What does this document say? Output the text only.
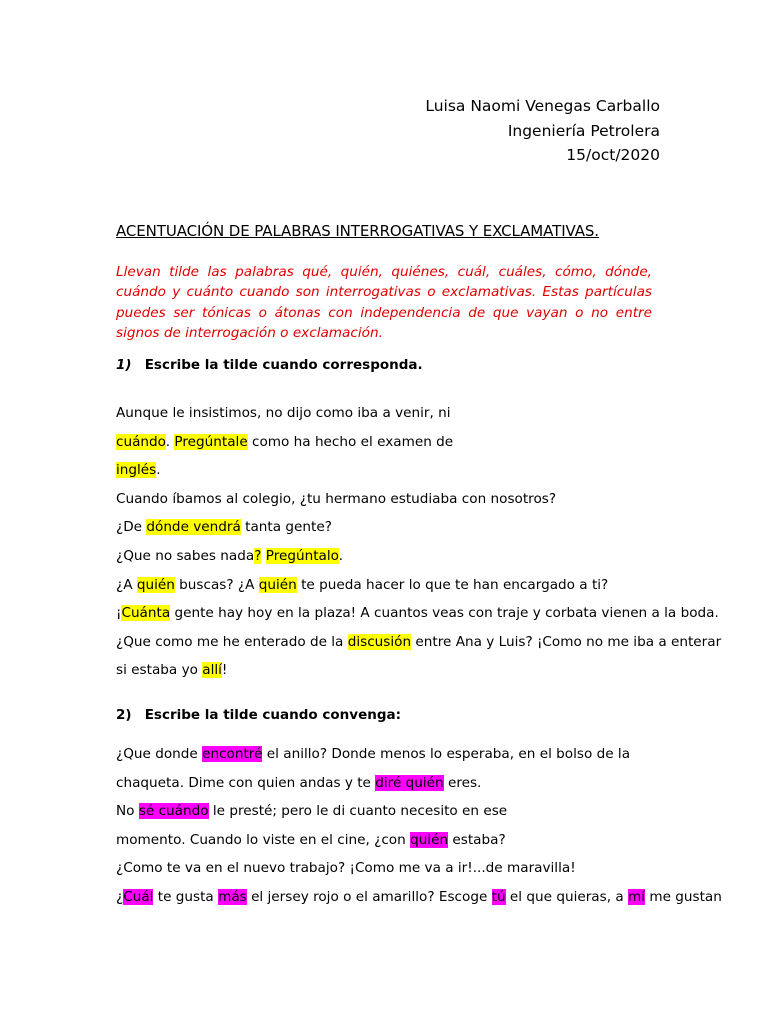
Luisa Naomi Venegas Carballo
Ingeniería Petrolera
15/oct/2020
ACENTUACIÓN DE PALABRAS INTERROGATIVAS Y EXCLAMATIVAS.

Llevan tilde las palabras qué, quién, quiénes, cuál, cuáles, cómo, dónde, cuándo y cuánto cuando son interrogativas o exclamativas. Estas partículas puedes ser tónicas o átonas con independencia de que vayan o no entre signos de interrogación o exclamación.

1) Escribe la tilde cuando corresponda.
Aunque le insistimos, no dijo como iba a venir, ni
cuándo. Pregúntale como ha hecho el examen de
inglés.
Cuando íbamos al colegio, ¿tu hermano estudiaba con nosotros?
¿De dónde vendrá tanta gente?
¿Que no sabes nada? Pregúntalo.
¿A quién buscas? ¿A quién te pueda hacer lo que te han encargado a ti?
¡Cuánta gente hay hoy en la plaza! A cuantos veas con traje y corbata vienen a la boda.
¿Que como me he enterado de la discusión entre Ana y Luis? ¡Como no me iba a enterar
si estaba yo allí!
2) Escribe la tilde cuando convenga:
¿Que donde encontré el anillo? Donde menos lo esperaba, en el bolso de la
chaqueta. Dime con quien andas y te diré quién eres.
No sé cuándo le presté; pero le di cuanto necesito en ese
momento. Cuando lo viste en el cine, ¿con quién estaba?
¿Como te va en el nuevo trabajo? ¡Como me va a ir!...de maravilla!
¿Cuál te gusta más el jersey rojo o el amarillo? Escoge tú el que quieras, a mí me gustan
